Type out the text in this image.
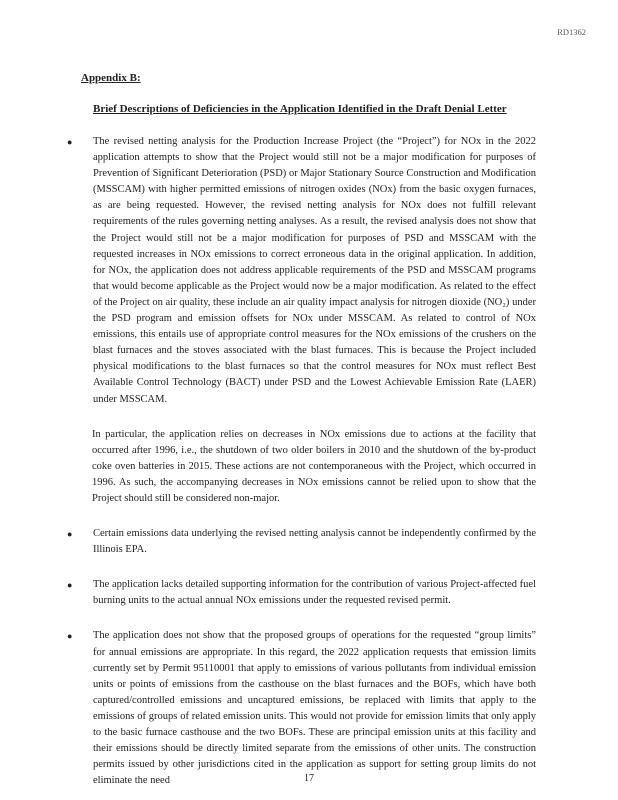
RD1362
Appendix B:
Brief Descriptions of Deficiencies in the Application Identified in the Draft Denial Letter
●	The revised netting analysis for the Production Increase Project (the “Project”) for NOx in the 2022 application attempts to show that the Project would still not be a major modification for purposes of Prevention of Significant Deterioration (PSD) or Major Stationary Source Construction and Modification (MSSCAM) with higher permitted emissions of nitrogen oxides (NOx) from the basic oxygen furnaces, as are being requested. However, the revised netting analysis for NOx does not fulfill relevant requirements of the rules governing netting analyses. As a result, the revised analysis does not show that the Project would still not be a major modification for purposes of PSD and MSSCAM with the requested increases in NOx emissions to correct erroneous data in the original application. In addition, for NOx, the application does not address applicable requirements of the PSD and MSSCAM programs that would become applicable as the Project would now be a major modification. As related to the effect of the Project on air quality, these include an air quality impact analysis for nitrogen dioxide (NO₂) under the PSD program and emission offsets for NOx under MSSCAM. As related to control of NOx emissions, this entails use of appropriate control measures for the NOx emissions of the crushers on the blast furnaces and the stoves associated with the blast furnaces. This is because the Project included physical modifications to the blast furnaces so that the control measures for NOx must reflect Best Available Control Technology (BACT) under PSD and the Lowest Achievable Emission Rate (LAER) under MSSCAM.
In particular, the application relies on decreases in NOx emissions due to actions at the facility that occurred after 1996, i.e., the shutdown of two older boilers in 2010 and the shutdown of the by-product coke oven batteries in 2015. These actions are not contemporaneous with the Project, which occurred in 1996. As such, the accompanying decreases in NOx emissions cannot be relied upon to show that the Project should still be considered non-major.
●	Certain emissions data underlying the revised netting analysis cannot be independently confirmed by the Illinois EPA.
●	The application lacks detailed supporting information for the contribution of various Project-affected fuel burning units to the actual annual NOx emissions under the requested revised permit.
●	The application does not show that the proposed groups of operations for the requested “group limits” for annual emissions are appropriate. In this regard, the 2022 application requests that emission limits currently set by Permit 95110001 that apply to emissions of various pollutants from individual emission units or points of emissions from the casthouse on the blast furnaces and the BOFs, which have both captured/controlled emissions and uncaptured emissions, be replaced with limits that apply to the emissions of groups of related emission units. This would not provide for emission limits that only apply to the basic furnace casthouse and the two BOFs. These are principal emission units at this facility and their emissions should be directly limited separate from the emissions of other units. The construction permits issued by other jurisdictions cited in the application as support for setting group limits do not eliminate the need	17
